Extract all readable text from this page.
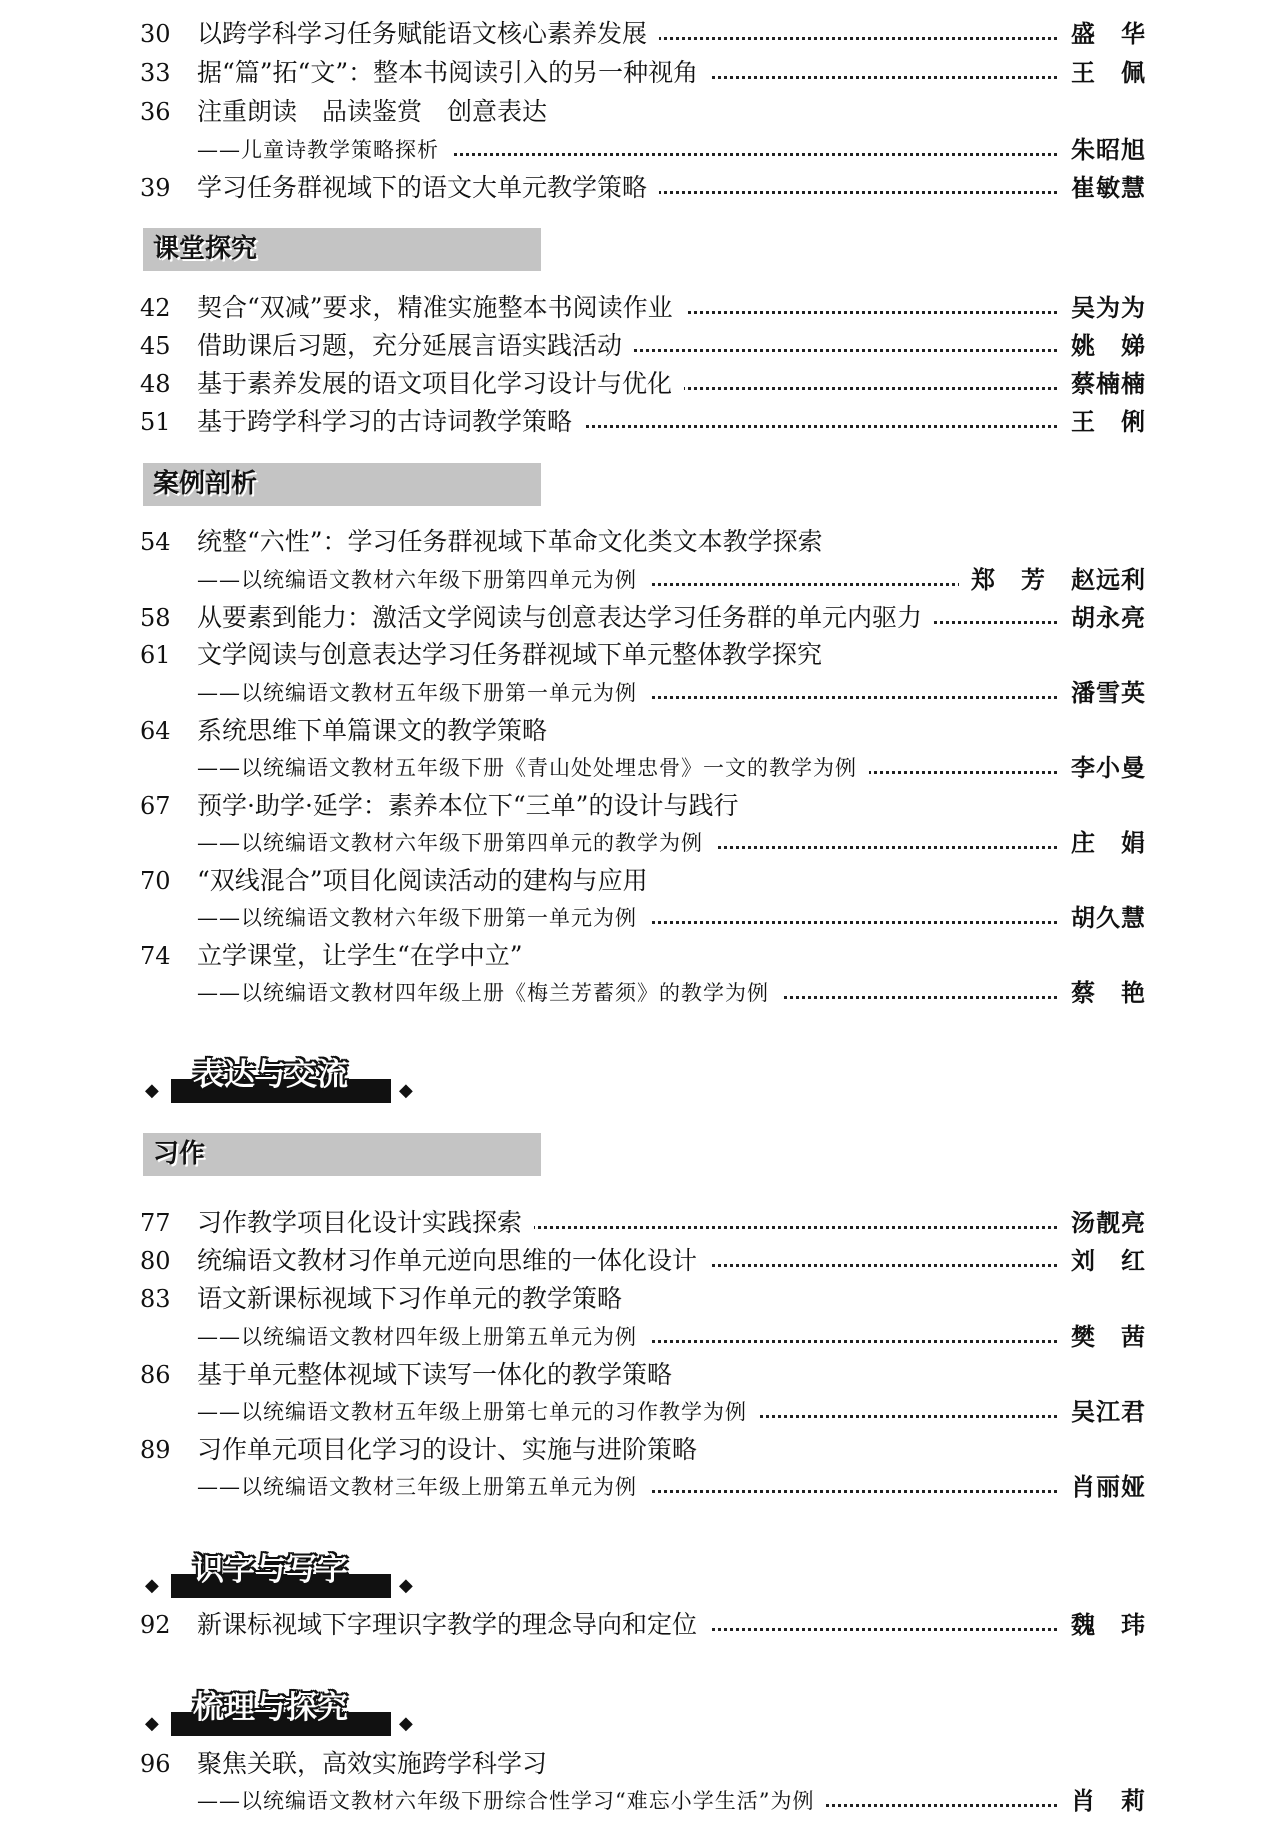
30	以跨学科学习任务赋能语文核心素养发展	盛　华
33	据“篇”拓“文”：整本书阅读引入的另一种视角	王　佩
36	注重朗读　品读鉴赏　创意表达
——儿童诗教学策略探析	朱昭旭
39	学习任务群视域下的语文大单元教学策略	崔敏慧
课堂探究
42	契合“双减”要求，精准实施整本书阅读作业	吴为为
45	借助课后习题，充分延展言语实践活动	姚　娣
48	基于素养发展的语文项目化学习设计与优化	蔡楠楠
51	基于跨学科学习的古诗词教学策略	王　俐
案例剖析
54	统整“六性”：学习任务群视域下革命文化类文本教学探索
——以统编语文教材六年级下册第四单元为例	郑　芳　赵远利
58	从要素到能力：激活文学阅读与创意表达学习任务群的单元内驱力	胡永亮
61	文学阅读与创意表达学习任务群视域下单元整体教学探究
——以统编语文教材五年级下册第一单元为例	潘雪英
64	系统思维下单篇课文的教学策略
——以统编语文教材五年级下册《青山处处埋忠骨》一文的教学为例	李小曼
67	预学·助学·延学：素养本位下“三单”的设计与践行
——以统编语文教材六年级下册第四单元的教学为例	庄　娟
70	“双线混合”项目化阅读活动的建构与应用
——以统编语文教材六年级下册第一单元为例	胡久慧
74	立学课堂，让学生“在学中立”
——以统编语文教材四年级上册《梅兰芳蓄须》的教学为例	蔡　艳
◆ 表达与交流	◆
习作
77	习作教学项目化设计实践探索	汤靓亮
80	统编语文教材习作单元逆向思维的一体化设计	刘　红
83	语文新课标视域下习作单元的教学策略
——以统编语文教材四年级上册第五单元为例	樊　茜
86	基于单元整体视域下读写一体化的教学策略
——以统编语文教材五年级上册第七单元的习作教学为例	吴江君
89	习作单元项目化学习的设计、实施与进阶策略
——以统编语文教材三年级上册第五单元为例	肖丽娅
◆ 识字与写字	◆
92	新课标视域下字理识字教学的理念导向和定位	魏　玮
◆ 梳理与探究	◆
96	聚焦关联，高效实施跨学科学习
——以统编语文教材六年级下册综合性学习“难忘小学生活”为例	肖　莉
